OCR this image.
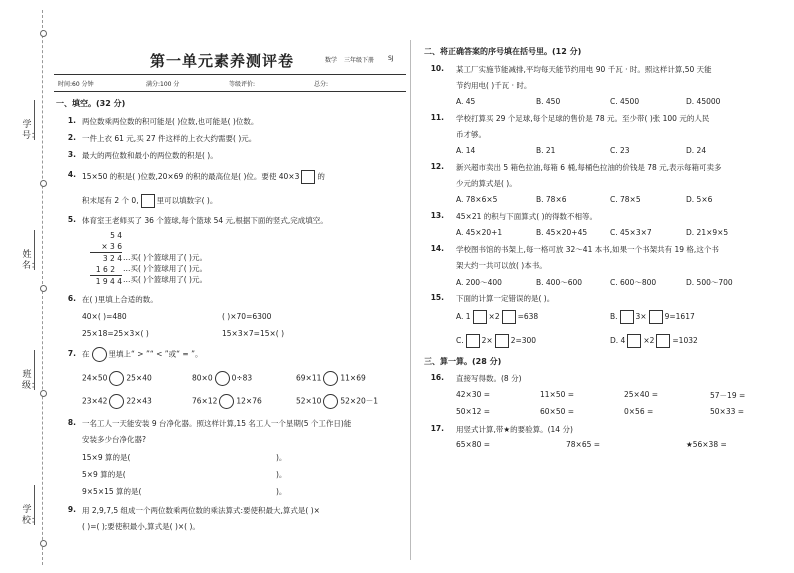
学号：
姓名：
班级：
学校：
第一单元素养测评卷	数学 三年级下册 SJ
时间:60 分钟	满分:100 分	等级评价:	总分:
一、填空。(32 分)
1. 两位数乘两位数的积可能是( )位数,也可能是( )位数。
2. 一件上衣 61 元,买 27 件这样的上衣大约需要( )元。
3. 最大的两位数和最小的两位数的积是( )。
4. 15×50 的积是( )位数,20×69 的积的最高位是( )位。要使 40×3 的
积末尾有 2 个 0, 里可以填数字( )。
5. 体育室王老师买了 36 个篮球,每个篮球 54 元,根据下面的竖式,完成填空。
5 4
× 3 6
3 2 4
1 6 2
1 9 4 4
…买( )个篮球用了( )元。
…买( )个篮球用了( )元。
…买( )个篮球用了( )元。
6. 在( )里填上合适的数。
40×( )=480	( )×70=6300
25×18=25×3×( )	15×3×7=15×( )
7. 在	里填上“ > ”“ < ”或“ = ”。
24×50	25×40	80×0	0÷83	69×11	11×69
23×42	22×43	76×12	12×76	52×10	52×20－1
8. 一名工人一天能安装 9 台净化器。照这样计算,15 名工人一个星期(5 个工作日)能
安装多少台净化器?
15×9 算的是(	)。
5×9 算的是(	)。
9×5×15 算的是(	)。
9. 用 2,9,7,5 组成一个两位数乘两位数的乘法算式:要使积最大,算式是( )×
( )=( );要使积最小,算式是( )×( )。
二、将正确答案的序号填在括号里。(12 分)
10. 某工厂实施节能减排,平均每天能节约用电 90 千瓦 · 时。照这样计算,50 天能
节约用电( )千瓦 · 时。
A. 45	B. 450	C. 4500	D. 45000
11. 学校打算买 29 个足球,每个足球的售价是 78 元。至少带( )张 100 元的人民
币才够。
A. 14	B. 21	C. 23	D. 24
12. 新兴超市卖出 5 箱色拉油,每箱 6 桶,每桶色拉油的价钱是 78 元,表示每箱可卖多
少元的算式是( )。
A. 78×6×5	B. 78×6	C. 78×5	D. 5×6
13. 45×21 的积与下面算式( )的得数不相等。
A. 45×20+1	B. 45×20+45	C. 45×3×7	D. 21×9×5
14. 学校图书馆的书架上,每一格可放 32～41 本书,如果一个书架共有 19 格,这个书
架大约一共可以放( )本书。
A. 200～400	B. 400～600	C. 600～800	D. 500～700
15. 下面的计算一定错误的是( )。
A. 1 ×2 =638	B. 3× 9=1617
C. 2× 2=300	D. 4 ×2 =1032
三、算一算。(28 分)
16. 直接写得数。(8 分)
42×30 =	11×50 =	25×40 =	57－19 =
50×12 =	60×50 =	0×56 =	50×33 =
17. 用竖式计算,带★的要验算。(14 分)
65×80 =	78×65 =	★56×38 =
